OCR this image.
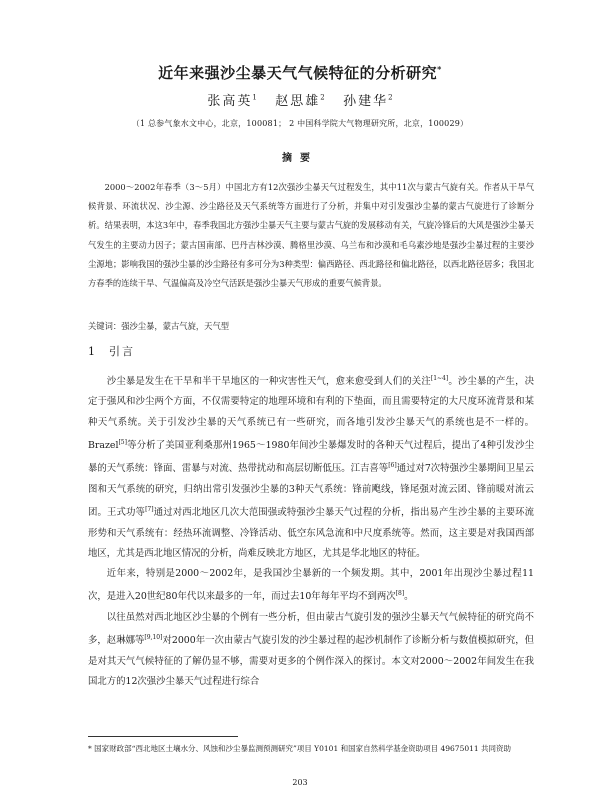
近年来强沙尘暴天气气候特征的分析研究*
张高英$^1$ 赵思雄$^2$ 孙建华$^2$
（1 总参气象水文中心，北京，100081； 2 中国科学院大气物理研究所，北京，100029）
摘要

2000～2002年春季（3～5月）中国北方有12次强沙尘暴天气过程发生，其中11次与蒙古气旋有关。作者从干旱气候背景、环流状况、沙尘源、沙尘路径及天气系统等方面进行了分析，并集中对引发强沙尘暴的蒙古气旋进行了诊断分析。结果表明，本这3年中，春季我国北方强沙尘暴天气主要与蒙古气旋的发展移动有关，气旋冷锋后的大风是强沙尘暴天气发生的主要动力因子；蒙古国南部、巴丹吉林沙漠、腾格里沙漠、乌兰布和沙漠和毛乌素沙地是强沙尘暴过程的主要沙尘源地；影响我国的强沙尘暴的沙尘路径有多可分为3种类型：偏西路径、西北路径和偏北路径，以西北路径居多；我国北方春季的连续干旱、气温偏高及冷空气活跃是强沙尘暴天气形成的重要气候背景。

关键词：强沙尘暴，蒙古气旋，天气型

1 引言

沙尘暴是发生在干旱和半干旱地区的一种灾害性天气，愈来愈受到人们的关注[1~4]。沙尘暴的产生，决定于强风和沙尘两个方面，不仅需要特定的地理环境和有利的下垫面，而且需要特定的大尺度环流背景和某种天气系统。关于引发沙尘暴的天气系统已有一些研究，而各地引发沙尘暴天气的系统也是不一样的。Brazel[5]等分析了美国亚利桑那州1965～1980年间沙尘暴爆发时的各种天气过程后，提出了4种引发沙尘暴的天气系统：锋面、雷暴与对流、热带扰动和高层切断低压。江吉喜等[6]通过对7次特强沙尘暴期间卫星云图和天气系统的研究，归纳出常引发强沙尘暴的3种天气系统：锋前飑线，锋尾强对流云团、锋前暖对流云团。王式功等[7]通过对西北地区几次大范围强或特强沙尘暴天气过程的分析，指出易产生沙尘暴的主要环流形势和天气系统有：经热环流调整、冷锋活动、低空东风急流和中尺度系统等。然而，这主要是对我国西部地区，尤其是西北地区情况的分析，尚难反映北方地区，尤其是华北地区的特征。

近年来，特别是2000～2002年，是我国沙尘暴新的一个频发期。其中，2001年出现沙尘暴过程11次，是进入20世纪80年代以来最多的一年，而过去10年每年平均不到两次[8]。

以往虽然对西北地区沙尘暴的个例有一些分析，但由蒙古气旋引发的强沙尘暴天气气候特征的研究尚不多，赵琳娜等[9,10]对2000年一次由蒙古气旋引发的沙尘暴过程的起沙机制作了诊断分析与数值模拟研究，但是对其天气气候特征的了解仍显不够，需要对更多的个例作深入的探讨。本文对2000～2002年间发生在我国北方的12次强沙尘暴天气过程进行综合

* 国家财政部“西北地区土壤水分、风蚀和沙尘暴监测预测研究”项目 Y0101 和国家自然科学基金资助项目 49675011 共同资助

203
